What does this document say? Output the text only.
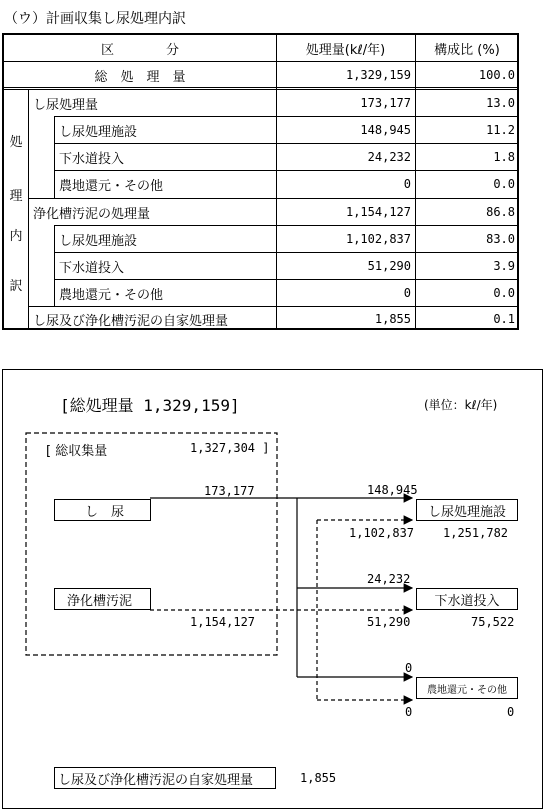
（ウ）計画収集し尿処理内訳
区　　　　分	処理量(kℓ/年)	構成比 (%)
総　処　理　量	1,329,159	100.0
処
理
内
訳
し尿処理量	173,177	13.0
し尿処理施設	148,945	11.2
下水道投入	24,232	1.8
農地還元・その他	0	0.0
浄化槽汚泥の処理量	1,154,127	86.8
し尿処理施設	1,102,837	83.0
下水道投入	51,290	3.9
農地還元・その他	0	0.0
し尿及び浄化槽汚泥の自家処理量	1,855	0.1
[総処理量 1,329,159]	(単位：kℓ/年)
[ 総収集量	1,327,304 ]
し　尿
173,177
浄化槽汚泥
1,154,127
し尿処理施設
148,945
1,102,837 1,251,782
下水道投入
24,232
51,290	75,522
農地還元・その他
0
0	0
し尿及び浄化槽汚泥の自家処理量	1,855
